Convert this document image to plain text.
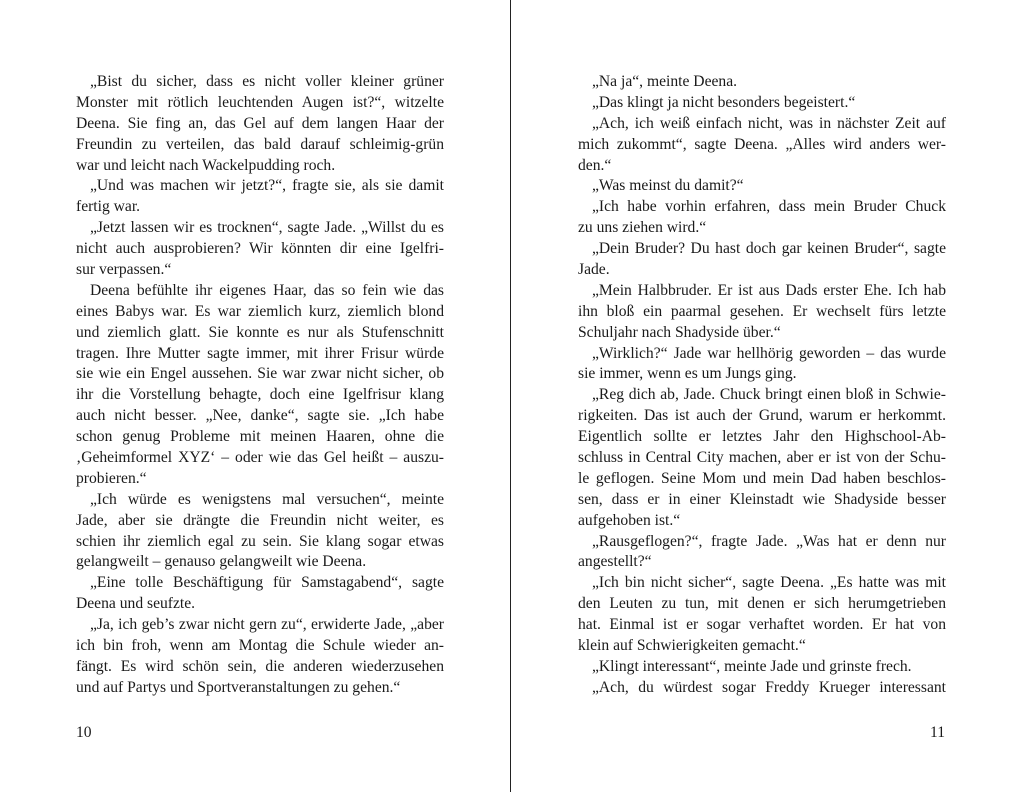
„Bist du sicher, dass es nicht voller kleiner grüner
Monster mit rötlich leuchtenden Augen ist?“, witzelte
Deena. Sie fing an, das Gel auf dem langen Haar der
Freundin zu verteilen, das bald darauf schleimig-grün
war und leicht nach Wackelpudding roch.
„Und was machen wir jetzt?“, fragte sie, als sie damit
fertig war.
„Jetzt lassen wir es trocknen“, sagte Jade. „Willst du es
nicht auch ausprobieren? Wir könnten dir eine Igelfri-
sur verpassen.“
Deena befühlte ihr eigenes Haar, das so fein wie das
eines Babys war. Es war ziemlich kurz, ziemlich blond
und ziemlich glatt. Sie konnte es nur als Stufenschnitt
tragen. Ihre Mutter sagte immer, mit ihrer Frisur würde
sie wie ein Engel aussehen. Sie war zwar nicht sicher, ob
ihr die Vorstellung behagte, doch eine Igelfrisur klang
auch nicht besser. „Nee, danke“, sagte sie. „Ich habe
schon genug Probleme mit meinen Haaren, ohne die
‚Geheimformel XYZ‘ – oder wie das Gel heißt – auszu-
probieren.“
„Ich würde es wenigstens mal versuchen“, meinte
Jade, aber sie drängte die Freundin nicht weiter, es
schien ihr ziemlich egal zu sein. Sie klang sogar etwas
gelangweilt – genauso gelangweilt wie Deena.
„Eine tolle Beschäftigung für Samstagabend“, sagte
Deena und seufzte.
„Ja, ich geb’s zwar nicht gern zu“, erwiderte Jade, „aber
ich bin froh, wenn am Montag die Schule wieder an-
fängt. Es wird schön sein, die anderen wiederzusehen
und auf Partys und Sportveranstaltungen zu gehen.“
10
„Na ja“, meinte Deena.
„Das klingt ja nicht besonders begeistert.“
„Ach, ich weiß einfach nicht, was in nächster Zeit auf
mich zukommt“, sagte Deena. „Alles wird anders wer-
den.“
„Was meinst du damit?“
„Ich habe vorhin erfahren, dass mein Bruder Chuck
zu uns ziehen wird.“
„Dein Bruder? Du hast doch gar keinen Bruder“, sagte
Jade.
„Mein Halbbruder. Er ist aus Dads erster Ehe. Ich hab
ihn bloß ein paarmal gesehen. Er wechselt fürs letzte
Schuljahr nach Shadyside über.“
„Wirklich?“ Jade war hellhörig geworden – das wurde
sie immer, wenn es um Jungs ging.
„Reg dich ab, Jade. Chuck bringt einen bloß in Schwie-
rigkeiten. Das ist auch der Grund, warum er herkommt.
Eigentlich sollte er letztes Jahr den Highschool-Ab-
schluss in Central City machen, aber er ist von der Schu-
le geflogen. Seine Mom und mein Dad haben beschlos-
sen, dass er in einer Kleinstadt wie Shadyside besser
aufgehoben ist.“
„Rausgeflogen?“, fragte Jade. „Was hat er denn nur
angestellt?“
„Ich bin nicht sicher“, sagte Deena. „Es hatte was mit
den Leuten zu tun, mit denen er sich herumgetrieben
hat. Einmal ist er sogar verhaftet worden. Er hat von
klein auf Schwierigkeiten gemacht.“
„Klingt interessant“, meinte Jade und grinste frech.
„Ach, du würdest sogar Freddy Krueger interessant
11
